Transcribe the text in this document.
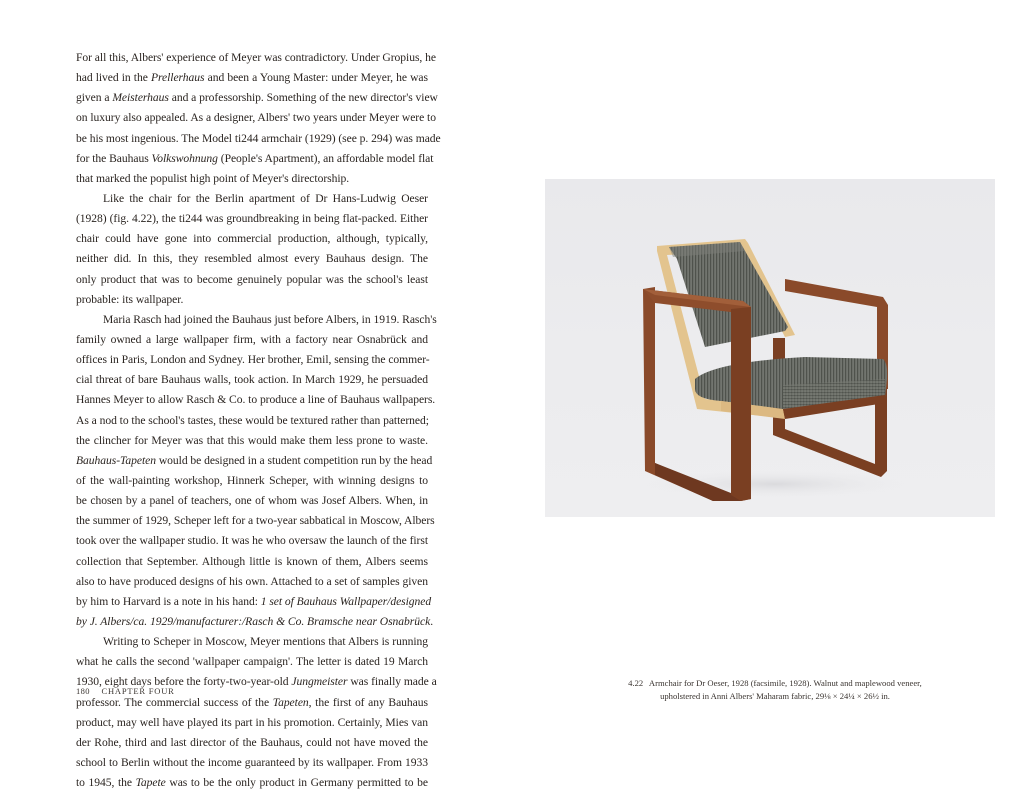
For all this, Albers' experience of Meyer was contradictory. Under Gropius, he
had lived in the Prellerhaus and been a Young Master: under Meyer, he was
given a Meisterhaus and a professorship. Something of the new director's view
on luxury also appealed. As a designer, Albers' two years under Meyer were to
be his most ingenious. The Model ti244 armchair (1929) (see p. 294) was made
for the Bauhaus Volkswohnung (People's Apartment), an affordable model flat
that marked the populist high point of Meyer's directorship.
Like the chair for the Berlin apartment of Dr Hans-Ludwig Oeser
(1928) (fig. 4.22), the ti244 was groundbreaking in being flat-packed. Either
chair could have gone into commercial production, although, typically,
neither did. In this, they resembled almost every Bauhaus design. The
only product that was to become genuinely popular was the school's least
probable: its wallpaper.
Maria Rasch had joined the Bauhaus just before Albers, in 1919. Rasch's
family owned a large wallpaper firm, with a factory near Osnabrück and
offices in Paris, London and Sydney. Her brother, Emil, sensing the commer-
cial threat of bare Bauhaus walls, took action. In March 1929, he persuaded
Hannes Meyer to allow Rasch & Co. to produce a line of Bauhaus wallpapers.
As a nod to the school's tastes, these would be textured rather than patterned;
the clincher for Meyer was that this would make them less prone to waste.
Bauhaus-Tapeten would be designed in a student competition run by the head
of the wall-painting workshop, Hinnerk Scheper, with winning designs to
be chosen by a panel of teachers, one of whom was Josef Albers. When, in
the summer of 1929, Scheper left for a two-year sabbatical in Moscow, Albers
took over the wallpaper studio. It was he who oversaw the launch of the first
collection that September. Although little is known of them, Albers seems
also to have produced designs of his own. Attached to a set of samples given
by him to Harvard is a note in his hand: 1 set of Bauhaus Wallpaper/designed
by J. Albers/ca. 1929/manufacturer:/Rasch & Co. Bramsche near Osnabrück.
Writing to Scheper in Moscow, Meyer mentions that Albers is running
what he calls the second 'wallpaper campaign'. The letter is dated 19 March
1930, eight days before the forty-two-year-old Jungmeister was finally made a
professor. The commercial success of the Tapeten, the first of any Bauhaus
product, may well have played its part in his promotion. Certainly, Mies van
der Rohe, third and last director of the Bauhaus, could not have moved the
school to Berlin without the income guaranteed by its wallpaper. From 1933
to 1945, the Tapete was to be the only product in Germany permitted to be
180 CHAPTER FOUR
4.22 Armchair for Dr Oeser, 1928 (facsimile, 1928). Walnut and maplewood veneer,
upholstered in Anni Albers' Maharam fabric, 29⅛ × 24¼ × 26½ in.
